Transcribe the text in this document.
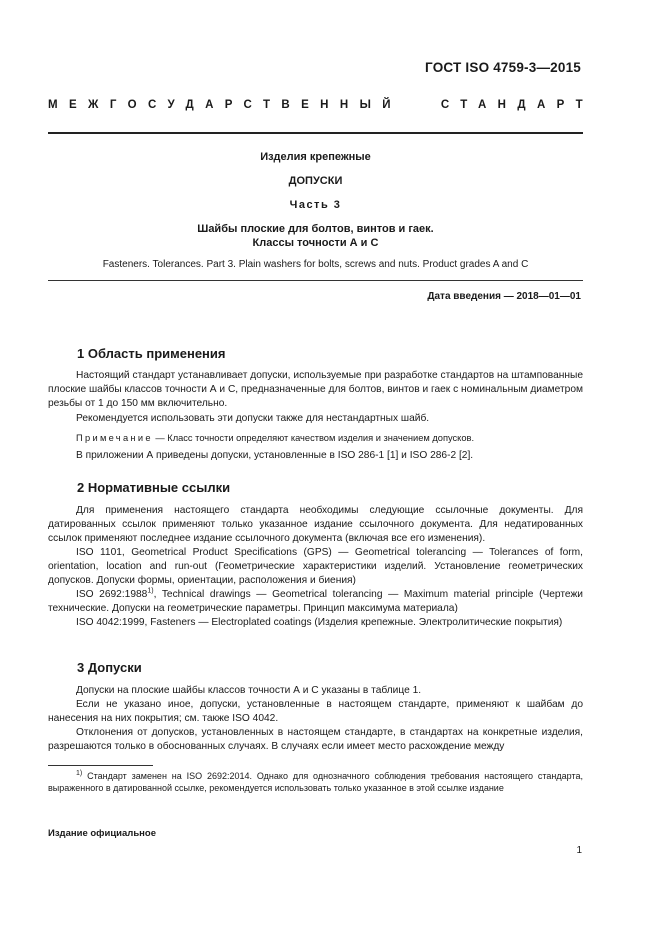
ГОСТ ISO 4759-3—2015
МЕЖГОСУДАРСТВЕННЫЙ	СТАНДАРТ
Изделия крепежные
ДОПУСКИ
Часть 3
Шайбы плоские для болтов, винтов и гаек.
Классы точности А и С
Fasteners. Tolerances. Part 3. Plain washers for bolts, screws and nuts. Product grades A and C
Дата введения — 2018—01—01
1 Область применения
Настоящий стандарт устанавливает допуски, используемые при разработке стандартов на штампованные плоские шайбы классов точности А и С, предназначенные для болтов, винтов и гаек с номинальным диаметром резьбы от 1 до 150 мм включительно.
Рекомендуется использовать эти допуски также для нестандартных шайб.
Примечание — Класс точности определяют качеством изделия и значением допусков.
В приложении А приведены допуски, установленные в ISO 286-1 [1] и ISO 286-2 [2].
2 Нормативные ссылки
Для применения настоящего стандарта необходимы следующие ссылочные документы. Для датированных ссылок применяют только указанное издание ссылочного документа. Для недатированных ссылок применяют последнее издание ссылочного документа (включая все его изменения).
ISO 1101, Geometrical Product Specifications (GPS) — Geometrical tolerancing — Tolerances of form, orientation, location and run-out (Геометрические характеристики изделий. Установление геометрических допусков. Допуски формы, ориентации, расположения и биения)
ISO 2692:1988$^{1)}$, Technical drawings — Geometrical tolerancing — Maximum material principle (Чертежи технические. Допуски на геометрические параметры. Принцип максимума материала)
ISO 4042:1999, Fasteners — Electroplated coatings (Изделия крепежные. Электролитические покрытия)
3 Допуски
Допуски на плоские шайбы классов точности А и С указаны в таблице 1.
Если не указано иное, допуски, установленные в настоящем стандарте, применяют к шайбам до нанесения на них покрытия; см. также ISO 4042.
Отклонения от допусков, установленных в настоящем стандарте, в стандартах на конкретные изделия, разрешаются только в обоснованных случаях. В случаях если имеет место расхождение между
$^{1)}$ Стандарт заменен на ISO 2692:2014. Однако для однозначного соблюдения требования настоящего стандарта, выраженного в датированной ссылке, рекомендуется использовать только указанное в этой ссылке издание
Издание официальное
1
